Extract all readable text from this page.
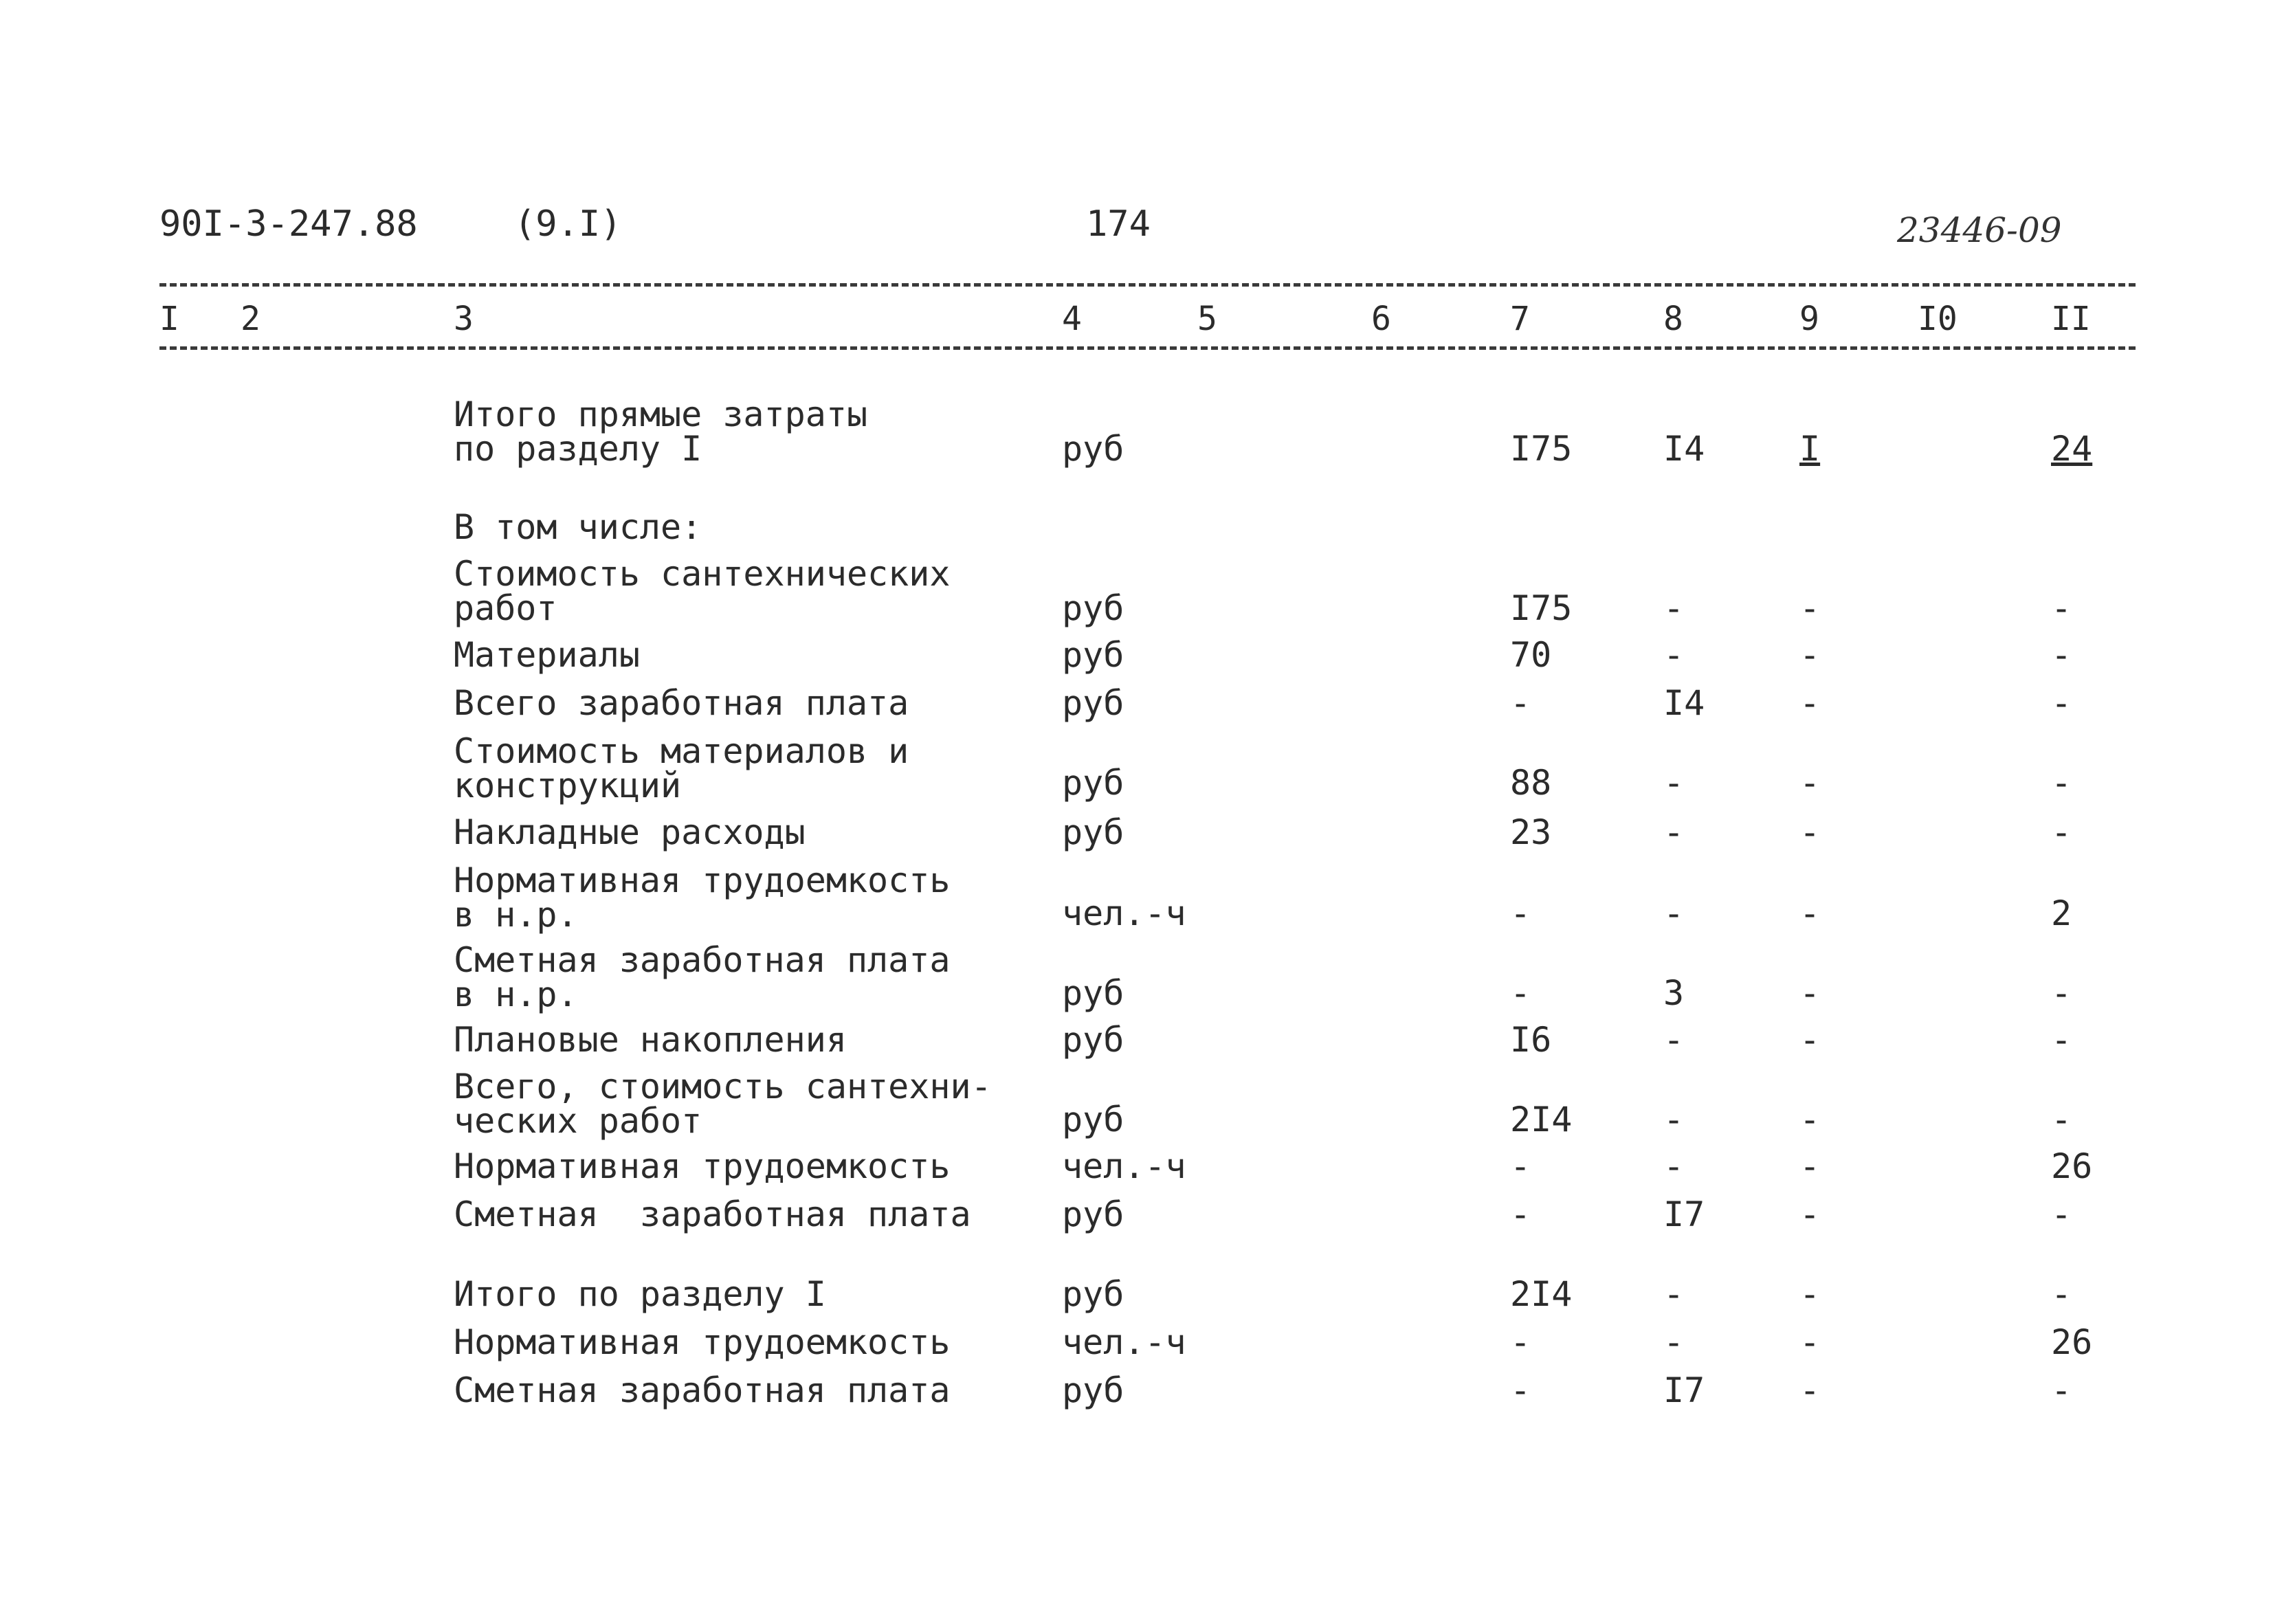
90I-3-247.88	(9.I)	174	23446-09
I 2	3	4	5	6	7	8	9	I0	II
Итого прямые затраты
по разделу I	руб	I75	I4	I	24
В том числе:
Стоимость сантехнических
работ	руб	I75	-	-	-
Материалы	руб	70	-	-	-
Всего заработная плата	руб	-	I4	-	-
Стоимость материалов и
конструкций	руб	88	-	-	-
Накладные расходы	руб	23	-	-	-
Нормативная трудоемкость
в н.р.	чел.-ч	-	-	-	2
Сметная заработная плата
в н.р.	руб	-	3	-	-
Плановые накопления	руб	I6	-	-	-
Всего, стоимость сантехни-
ческих работ	руб	2I4	-	-	-
Нормативная трудоемкость	чел.-ч	-	-	-	26
Сметная  заработная плата	руб	-	I7	-	-
Итого по разделу I	руб	2I4	-	-	-
Нормативная трудоемкость	чел.-ч	-	-	-	26
Сметная заработная плата	руб	-	I7	-	-
